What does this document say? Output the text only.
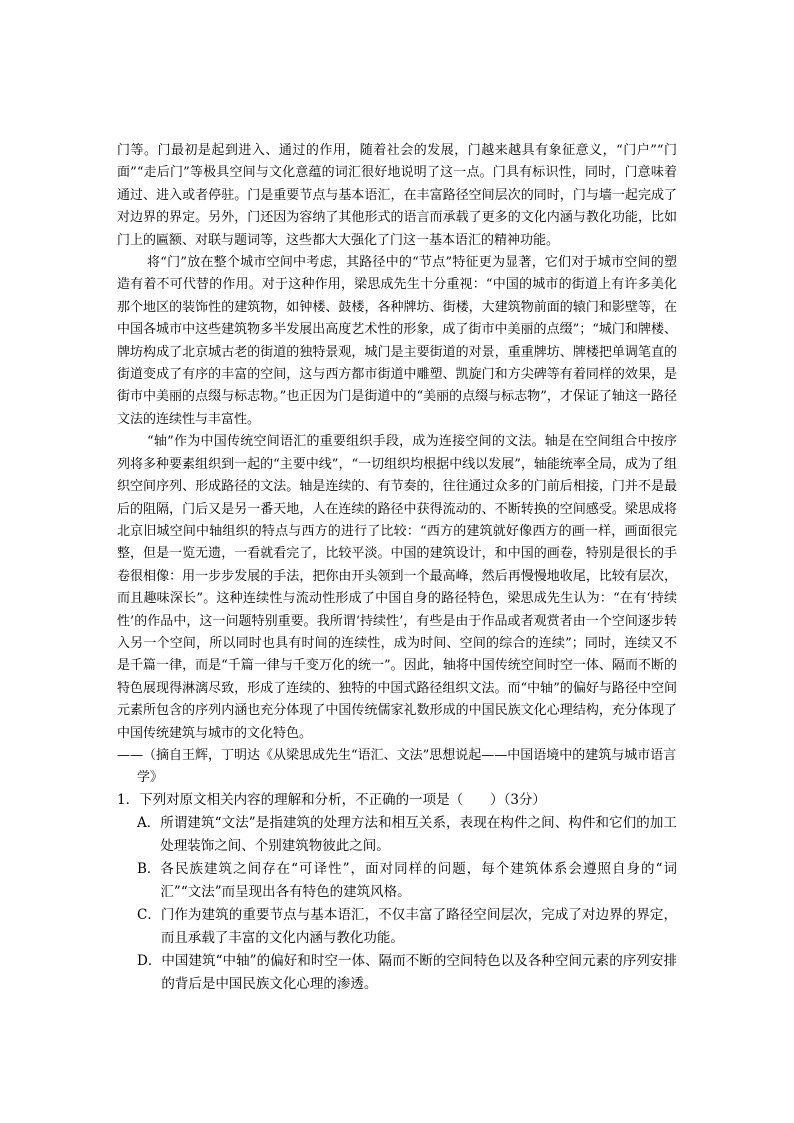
门等。门最初是起到进入、通过的作用，随着社会的发展，门越来越具有象征意义，“门户”“门面”“走后门”等极具空间与文化意蕴的词汇很好地说明了这一点。门具有标识性，同时，门意味着通过、进入或者停驻。门是重要节点与基本语汇，在丰富路径空间层次的同时，门与墙一起完成了对边界的界定。另外，门还因为容纳了其他形式的语言而承载了更多的文化内涵与教化功能，比如门上的匾额、对联与题词等，这些都大大强化了门这一基本语汇的精神功能。

将“门”放在整个城市空间中考虑，其路径中的“节点”特征更为显著，它们对于城市空间的塑造有着不可代替的作用。对于这种作用，梁思成先生十分重视：“中国的城市的街道上有许多美化那个地区的装饰性的建筑物，如钟楼、鼓楼，各种牌坊、街楼，大建筑物前面的辕门和影壁等，在中国各城市中这些建筑物多半发展出高度艺术性的形象，成了街市中美丽的点缀”；“城门和牌楼、牌坊构成了北京城古老的街道的独特景观，城门是主要街道的对景，重重牌坊、牌楼把单调笔直的街道变成了有序的丰富的空间，这与西方都市街道中雕塑、凯旋门和方尖碑等有着同样的效果，是街市中美丽的点缀与标志物。”也正因为门是街道中的“美丽的点缀与标志物”，才保证了轴这一路径文法的连续性与丰富性。

“轴”作为中国传统空间语汇的重要组织手段，成为连接空间的文法。轴是在空间组合中按序列将多种要素组织到一起的“主要中线”，“一切组织均根据中线以发展”，轴能统率全局，成为了组织空间序列、形成路径的文法。轴是连续的、有节奏的，往往通过众多的门前后相接，门并不是最后的阻隔，门后又是另一番天地，人在连续的路径中获得流动的、不断转换的空间感受。梁思成将北京旧城空间中轴组织的特点与西方的进行了比较：“西方的建筑就好像西方的画一样，画面很完整，但是一览无遗，一看就看完了，比较平淡。中国的建筑设计，和中国的画卷，特别是很长的手卷很相像：用一步步发展的手法，把你由开头领到一个最高峰，然后再慢慢地收尾，比较有层次，而且趣味深长”。这种连续性与流动性形成了中国自身的路径特色，梁思成先生认为：“在有‘持续性’的作品中，这一问题特别重要。我所谓‘持续性’，有些是由于作品或者观赏者由一个空间逐步转入另一个空间，所以同时也具有时间的连续性，成为时间、空间的综合的连续”；同时，连续又不是千篇一律，而是“千篇一律与千变万化的统一”。因此，轴将中国传统空间时空一体、隔而不断的特色展现得淋漓尽致，形成了连续的、独特的中国式路径组织文法。而“中轴”的偏好与路径中空间元素所包含的序列内涵也充分体现了中国传统儒家礼数形成的中国民族文化心理结构，充分体现了中国传统建筑与城市的文化特色。

——（摘自王辉，丁明达《从梁思成先生“语汇、文法”思想说起——中国语境中的建筑与城市语言学》

1．下列对原文相关内容的理解和分析，不正确的一项是（　　）（3分）

A． 所谓建筑“文法”是指建筑的处理方法和相互关系，表现在构件之间、构件和它们的加工处理装饰之间、个别建筑物彼此之间。
B． 各民族建筑之间存在“可译性”，面对同样的问题，每个建筑体系会遵照自身的“词汇”“文法”而呈现出各有特色的建筑风格。
C． 门作为建筑的重要节点与基本语汇，不仅丰富了路径空间层次，完成了对边界的界定，而且承载了丰富的文化内涵与教化功能。
D． 中国建筑“中轴”的偏好和时空一体、隔而不断的空间特色以及各种空间元素的序列安排的背后是中国民族文化心理的渗透。
